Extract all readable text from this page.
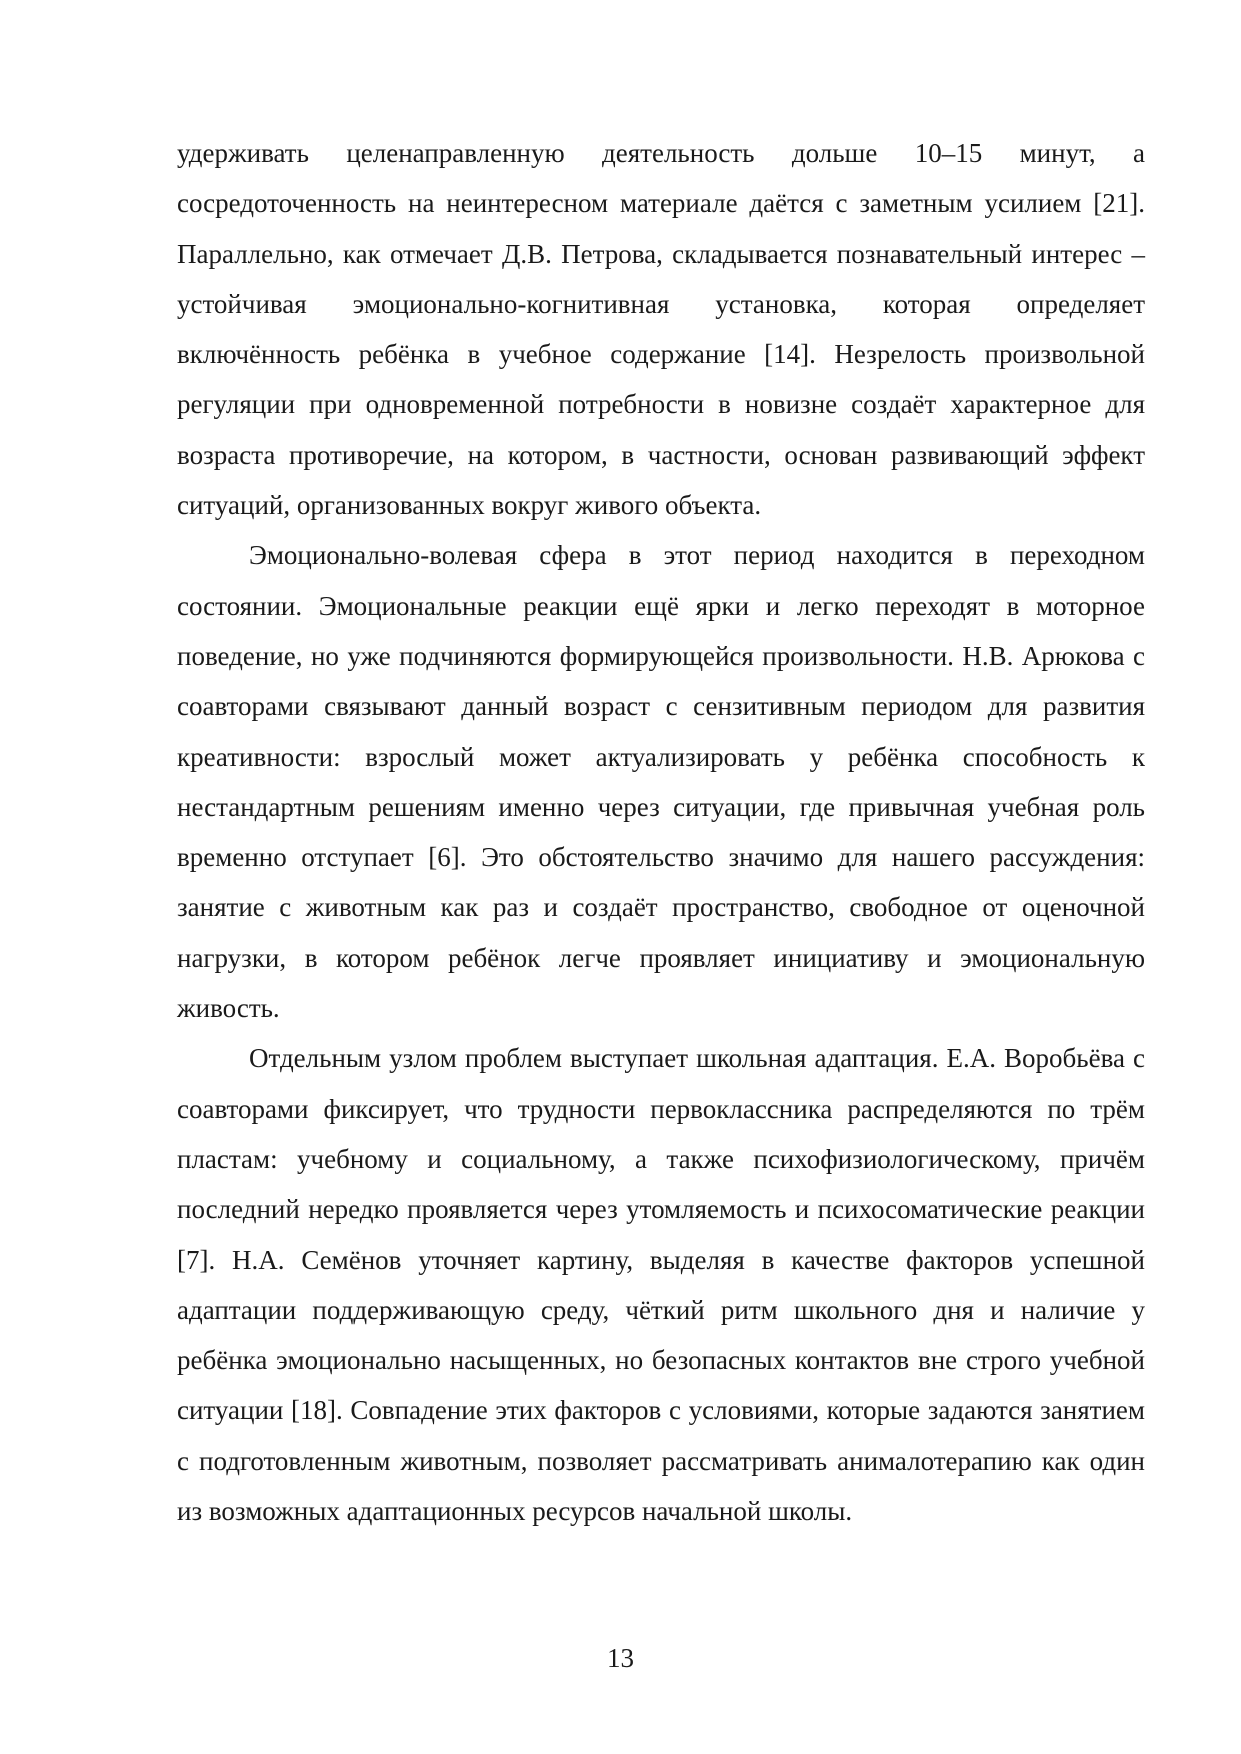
удерживать целенаправленную деятельность дольше 10–15 минут, а сосредоточенность на неинтересном материале даётся с заметным усилием [21]. Параллельно, как отмечает Д.В. Петрова, складывается познавательный интерес – устойчивая эмоционально-когнитивная установка, которая определяет включённость ребёнка в учебное содержание [14]. Незрелость произвольной регуляции при одновременной потребности в новизне создаёт характерное для возраста противоречие, на котором, в частности, основан развивающий эффект ситуаций, организованных вокруг живого объекта.

Эмоционально-волевая сфера в этот период находится в переходном состоянии. Эмоциональные реакции ещё ярки и легко переходят в моторное поведение, но уже подчиняются формирующейся произвольности. Н.В. Арюкова с соавторами связывают данный возраст с сензитивным периодом для развития креативности: взрослый может актуализировать у ребёнка способность к нестандартным решениям именно через ситуации, где привычная учебная роль временно отступает [6]. Это обстоятельство значимо для нашего рассуждения: занятие с животным как раз и создаёт пространство, свободное от оценочной нагрузки, в котором ребёнок легче проявляет инициативу и эмоциональную живость.

Отдельным узлом проблем выступает школьная адаптация. Е.А. Воробьёва с соавторами фиксирует, что трудности первоклассника распределяются по трём пластам: учебному и социальному, а также психофизиологическому, причём последний нередко проявляется через утомляемость и психосоматические реакции [7]. Н.А. Семёнов уточняет картину, выделяя в качестве факторов успешной адаптации поддерживающую среду, чёткий ритм школьного дня и наличие у ребёнка эмоционально насыщенных, но безопасных контактов вне строго учебной ситуации [18]. Совпадение этих факторов с условиями, которые задаются занятием с подготовленным животным, позволяет рассматривать анималотерапию как один из возможных адаптационных ресурсов начальной школы.

13
